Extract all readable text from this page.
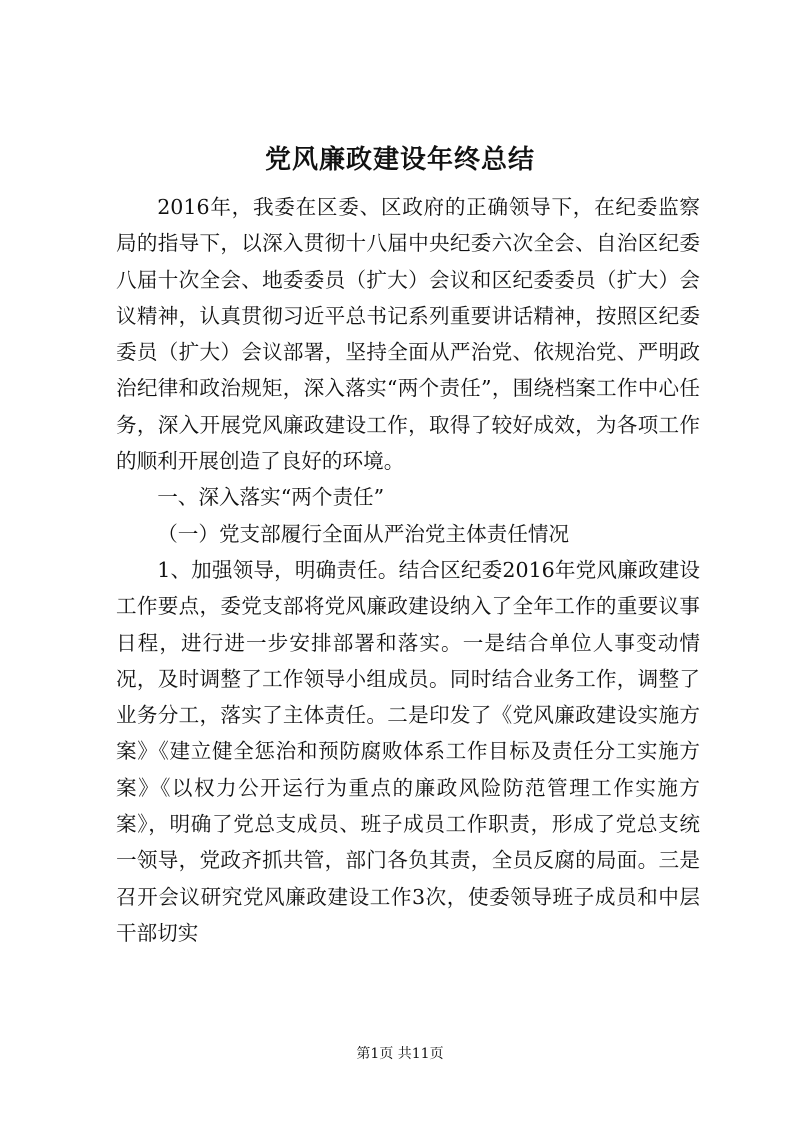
党风廉政建设年终总结

2016年，我委在区委、区政府的正确领导下，在纪委监察局的指导下，以深入贯彻十八届中央纪委六次全会、自治区纪委八届十次全会、地委委员（扩大）会议和区纪委委员（扩大）会议精神，认真贯彻习近平总书记系列重要讲话精神，按照区纪委委员（扩大）会议部署，坚持全面从严治党、依规治党、严明政治纪律和政治规矩，深入落实“两个责任”，围绕档案工作中心任务，深入开展党风廉政建设工作，取得了较好成效，为各项工作的顺利开展创造了良好的环境。

一、深入落实“两个责任”

（一）党支部履行全面从严治党主体责任情况

1、加强领导，明确责任。结合区纪委2016年党风廉政建设工作要点，委党支部将党风廉政建设纳入了全年工作的重要议事日程，进行进一步安排部署和落实。一是结合单位人事变动情况，及时调整了工作领导小组成员。同时结合业务工作，调整了业务分工，落实了主体责任。二是印发了《党风廉政建设实施方案》《建立健全惩治和预防腐败体系工作目标及责任分工实施方案》《以权力公开运行为重点的廉政风险防范管理工作实施方案》，明确了党总支成员、班子成员工作职责，形成了党总支统一领导，党政齐抓共管，部门各负其责，全员反腐的局面。三是召开会议研究党风廉政建设工作3次，使委领导班子成员和中层干部切实

第1页 共11页
